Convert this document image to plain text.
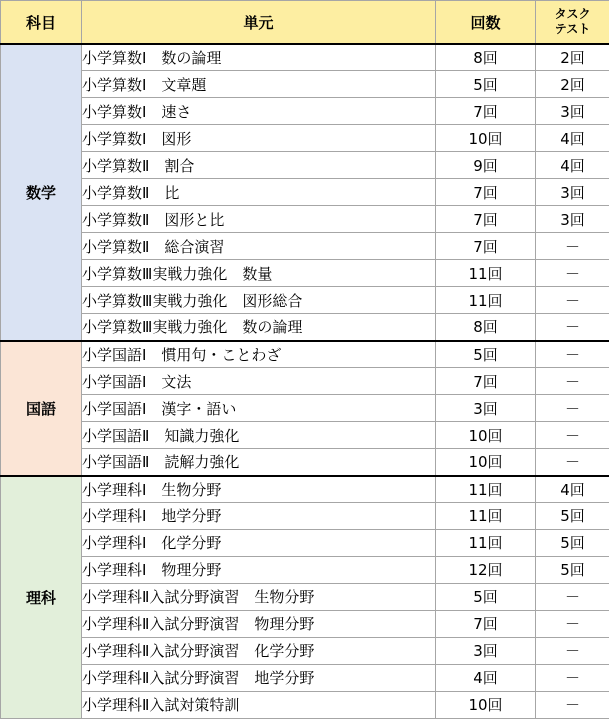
科目	単元	回数	タスク
テスト

数学	小学算数Ⅰ　数の論理	8回	2回
	小学算数Ⅰ　文章題	5回	2回
	小学算数Ⅰ　速さ	7回	3回
	小学算数Ⅰ　図形	10回	4回
	小学算数Ⅱ　割合	9回	4回
	小学算数Ⅱ　比	7回	3回
	小学算数Ⅱ　図形と比	7回	3回
	小学算数Ⅱ　総合演習	7回	－
	小学算数Ⅲ実戦力強化　数量	11回	－
	小学算数Ⅲ実戦力強化　図形総合	11回	－
	小学算数Ⅲ実戦力強化　数の論理	8回	－
国語	小学国語Ⅰ　慣用句・ことわざ	5回	－
	小学国語Ⅰ　文法	7回	－
	小学国語Ⅰ　漢字・語い	3回	－
	小学国語Ⅱ　知識力強化	10回	－
	小学国語Ⅱ　読解力強化	10回	－
理科	小学理科Ⅰ　生物分野	11回	4回
	小学理科Ⅰ　地学分野	11回	5回
	小学理科Ⅰ　化学分野	11回	5回
	小学理科Ⅰ　物理分野	12回	5回
	小学理科Ⅱ入試分野演習　生物分野	5回	－
	小学理科Ⅱ入試分野演習　物理分野	7回	－
	小学理科Ⅱ入試分野演習　化学分野	3回	－
	小学理科Ⅱ入試分野演習　地学分野	4回	－
	小学理科Ⅱ入試対策特訓	10回	－
